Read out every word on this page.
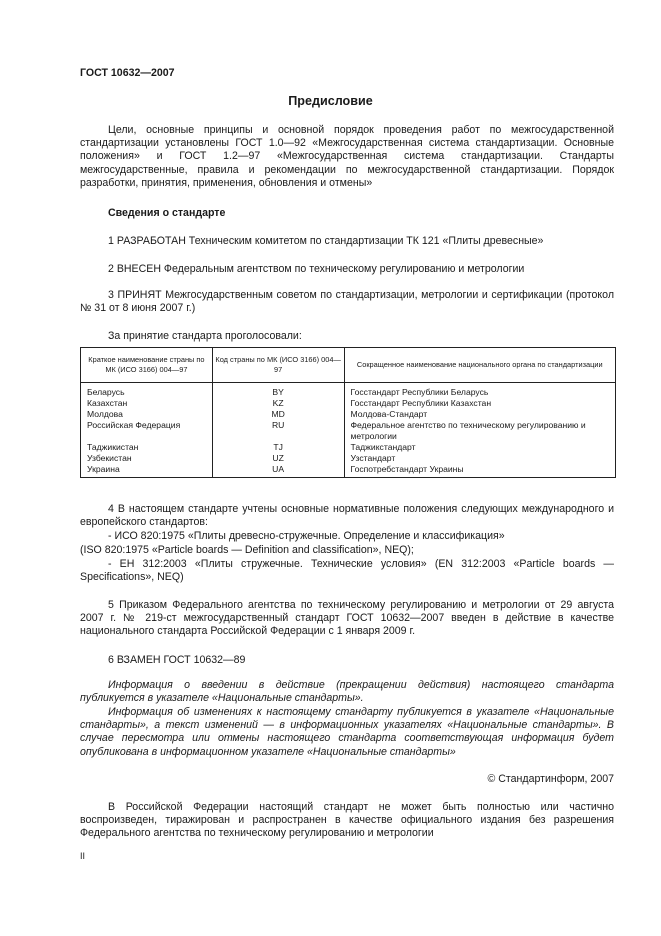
ГОСТ 10632—2007
Предисловие
Цели, основные принципы и основной порядок проведения работ по межгосударственной стандартизации установлены ГОСТ 1.0—92 «Межгосударственная система стандартизации. Основные положения» и ГОСТ 1.2—97 «Межгосударственная система стандартизации. Стандарты межгосударственные, правила и рекомендации по межгосударственной стандартизации. Порядок разработки, принятия, применения, обновления и отмены»
Сведения о стандарте
1 РАЗРАБОТАН Техническим комитетом по стандартизации ТК 121 «Плиты древесные»
2 ВНЕСЕН Федеральным агентством по техническому регулированию и метрологии
3 ПРИНЯТ Межгосударственным советом по стандартизации, метрологии и сертификации (протокол № 31 от 8 июня 2007 г.)
За принятие стандарта проголосовали:
Краткое наименование страны по МК (ИСО 3166) 004—97	Код страны по МК (ИСО 3166) 004—97	Сокращенное наименование национального органа по стандартизации
Беларусь	BY	Госстандарт Республики Беларусь
Казахстан	KZ	Госстандарт Республики Казахстан
Молдова	MD	Молдова-Стандарт
Российская Федерация	RU	Федеральное агентство по техническому регулированию и метрологии
Таджикистан	TJ	Таджикстандарт
Узбекистан	UZ	Узстандарт
Украина	UA	Госпотребстандарт Украины
4 В настоящем стандарте учтены основные нормативные положения следующих международного и европейского стандартов:
- ИСО 820:1975 «Плиты древесно-стружечные. Определение и классификация»
(ISO 820:1975 «Particle boards — Definition and classification», NEQ);
- ЕН 312:2003 «Плиты стружечные. Технические условия» (EN 312:2003 «Particle boards — Specifications», NEQ)
5 Приказом Федерального агентства по техническому регулированию и метрологии от 29 августа 2007 г. № 219-ст межгосударственный стандарт ГОСТ 10632—2007 введен в действие в качестве национального стандарта Российской Федерации с 1 января 2009 г.
6 ВЗАМЕН ГОСТ 10632—89
Информация о введении в действие (прекращении действия) настоящего стандарта публикуется в указателе «Национальные стандарты».
Информация об изменениях к настоящему стандарту публикуется в указателе «Национальные стандарты», а текст изменений — в информационных указателях «Национальные стандарты». В случае пересмотра или отмены настоящего стандарта соответствующая информация будет опубликована в информационном указателе «Национальные стандарты»
© Стандартинформ, 2007
В Российской Федерации настоящий стандарт не может быть полностью или частично воспроизведен, тиражирован и распространен в качестве официального издания без разрешения Федерального агентства по техническому регулированию и метрологии
II
